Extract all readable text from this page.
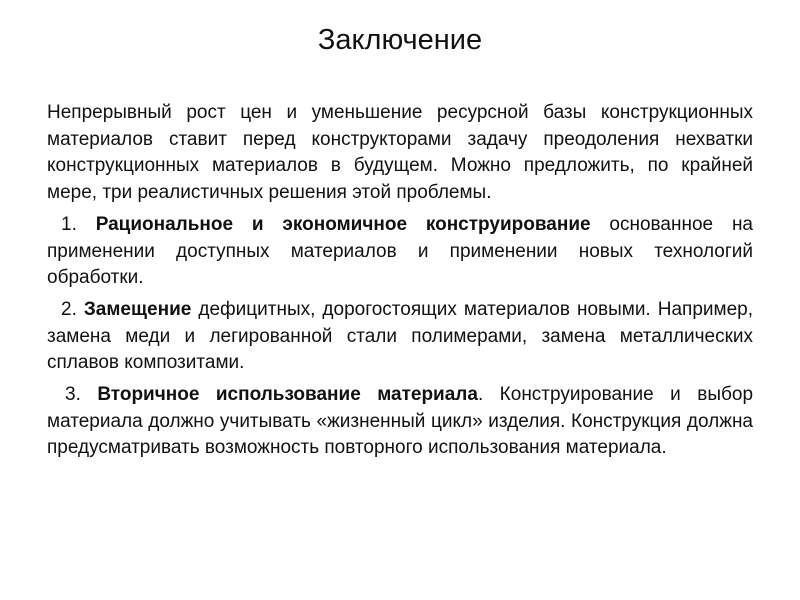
Заключение

Непрерывный рост цен и уменьшение ресурсной базы конструкционных материалов ставит перед конструкторами задачу преодоления нехватки конструкционных материалов в будущем. Можно предложить, по крайней мере, три реалистичных решения этой проблемы.

1. Рациональное и экономичное конструирование основанное на применении доступных материалов и применении новых технологий обработки.

2. Замещение дефицитных, дорогостоящих материалов новыми. Например, замена меди и легированной стали полимерами, замена металлических сплавов композитами.

3. Вторичное использование материала. Конструирование и выбор материала должно учитывать «жизненный цикл» изделия. Конструкция должна предусматривать возможность повторного использования материала.
